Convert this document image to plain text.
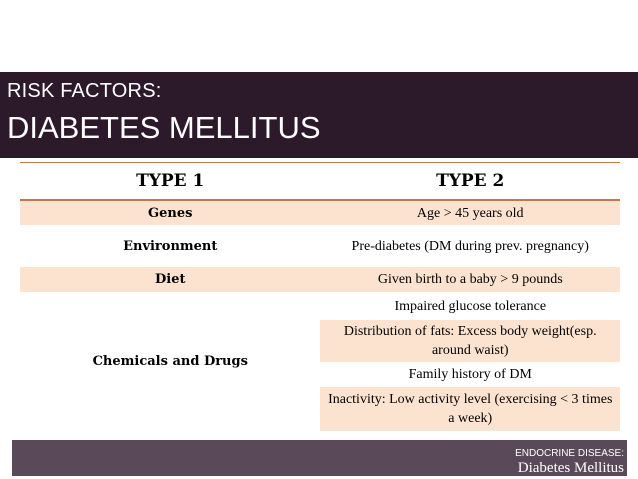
RISK FACTORS:
DIABETES MELLITUS
TYPE 1	TYPE 2
Genes	Age > 45 years old
Environment	Pre-diabetes (DM during prev. pregnancy)
Diet	Given birth to a baby > 9 pounds
Chemicals and Drugs	Impaired glucose tolerance
	Distribution of fats: Excess body weight(esp. around waist)
	Family history of DM
	Inactivity: Low activity level (exercising < 3 times a week)
ENDOCRINE DISEASE:
Diabetes Mellitus
